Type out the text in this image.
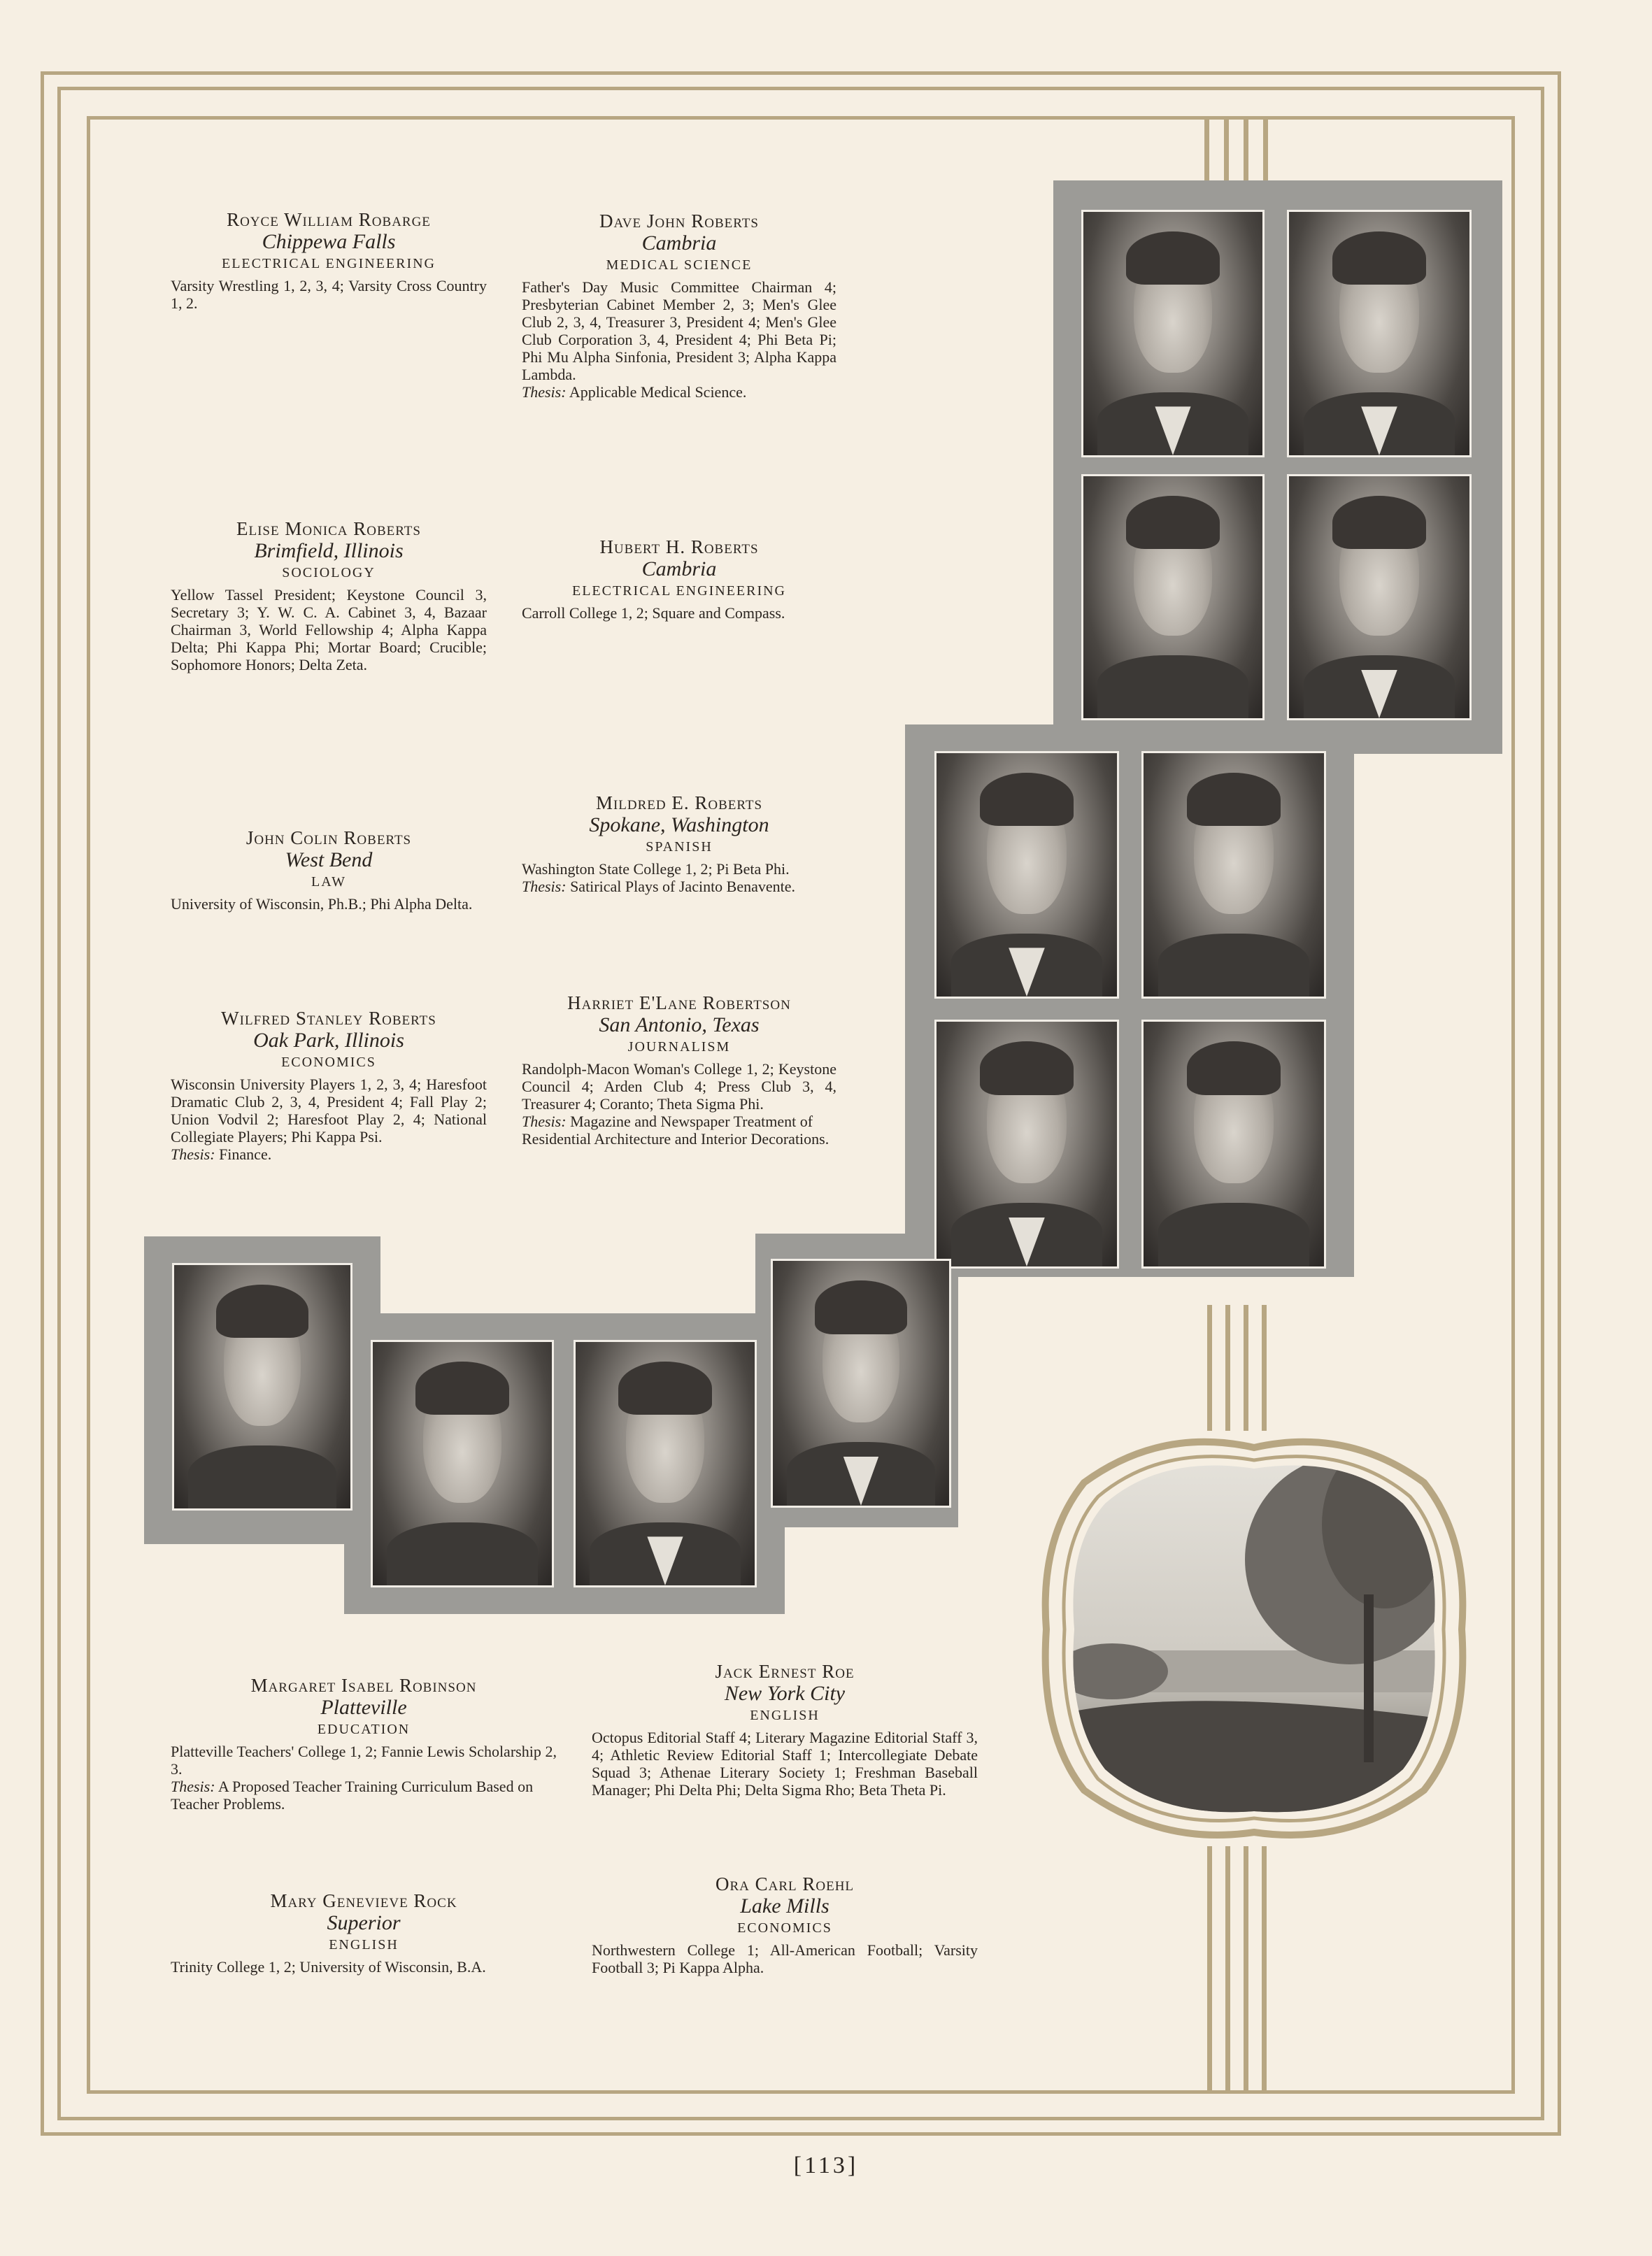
Royce William Robarge
Chippewa Falls
ELECTRICAL ENGINEERING
Varsity Wrestling 1, 2, 3, 4; Varsity Cross Country 1, 2.
Dave John Roberts
Cambria
MEDICAL SCIENCE
Father's Day Music Committee Chairman 4; Presbyterian Cabinet Member 2, 3; Men's Glee Club 2, 3, 4, Treasurer 3, President 4; Men's Glee Club Corporation 3, 4, President 4; Phi Beta Pi; Phi Mu Alpha Sinfonia, President 3; Alpha Kappa Lambda.
Thesis: Applicable Medical Science.
Elise Monica Roberts
Brimfield, Illinois
SOCIOLOGY
Yellow Tassel President; Keystone Council 3, Secretary 3; Y. W. C. A. Cabinet 3, 4, Bazaar Chairman 3, World Fellowship 4; Alpha Kappa Delta; Phi Kappa Phi; Mortar Board; Crucible; Sophomore Honors; Delta Zeta.
Hubert H. Roberts
Cambria
ELECTRICAL ENGINEERING
Carroll College 1, 2; Square and Compass.
John Colin Roberts
West Bend
LAW
University of Wisconsin, Ph.B.; Phi Alpha Delta.
Mildred E. Roberts
Spokane, Washington
SPANISH
Washington State College 1, 2; Pi Beta Phi.
Thesis: Satirical Plays of Jacinto Benavente.
Wilfred Stanley Roberts
Oak Park, Illinois
ECONOMICS
Wisconsin University Players 1, 2, 3, 4; Haresfoot Dramatic Club 2, 3, 4, President 4; Fall Play 2; Union Vodvil 2; Haresfoot Play 2, 4; National Collegiate Players; Phi Kappa Psi.
Thesis: Finance.
Harriet E'Lane Robertson
San Antonio, Texas
JOURNALISM
Randolph-Macon Woman's College 1, 2; Keystone Council 4; Arden Club 4; Press Club 3, 4, Treasurer 4; Coranto; Theta Sigma Phi.
Thesis: Magazine and Newspaper Treatment of Residential Architecture and Interior Decorations.
Margaret Isabel Robinson
Platteville
EDUCATION
Platteville Teachers' College 1, 2; Fannie Lewis Scholarship 2, 3.
Thesis: A Proposed Teacher Training Curriculum Based on Teacher Problems.
Jack Ernest Roe
New York City
ENGLISH
Octopus Editorial Staff 4; Literary Magazine Editorial Staff 3, 4; Athletic Review Editorial Staff 1; Intercollegiate Debate Squad 3; Athenae Literary Society 1; Freshman Baseball Manager; Phi Delta Phi; Delta Sigma Rho; Beta Theta Pi.
Mary Genevieve Rock
Superior
ENGLISH
Trinity College 1, 2; University of Wisconsin, B.A.
Ora Carl Roehl
Lake Mills
ECONOMICS
Northwestern College 1; All-American Football; Varsity Football 3; Pi Kappa Alpha.
[113]
